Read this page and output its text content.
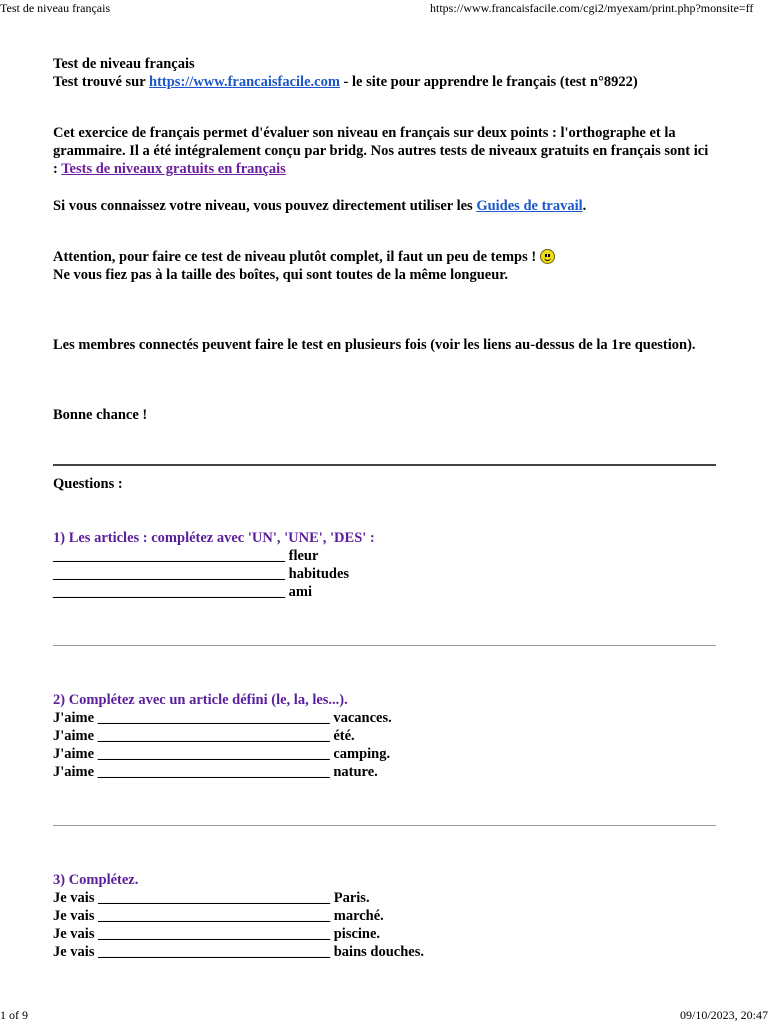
Test de niveau français	https://www.francaisfacile.com/cgi2/myexam/print.php?monsite=ff
Test de niveau français
Test trouvé sur https://www.francaisfacile.com - le site pour apprendre le français (test n°8922)
Cet exercice de français permet d'évaluer son niveau en français sur deux points : l'orthographe et la grammaire. Il a été intégralement conçu par bridg. Nos autres tests de niveaux gratuits en français sont ici : Tests de niveaux gratuits en français
Si vous connaissez votre niveau, vous pouvez directement utiliser les Guides de travail.
Attention, pour faire ce test de niveau plutôt complet, il faut un peu de temps !
Ne vous fiez pas à la taille des boîtes, qui sont toutes de la même longueur.
Les membres connectés peuvent faire le test en plusieurs fois (voir les liens au-dessus de la 1re question).
Bonne chance !
Questions :
1) Les articles : complétez avec 'UN', 'UNE', 'DES' :
________________________________ fleur
________________________________ habitudes
________________________________ ami
2) Complétez avec un article défini (le, la, les...).
J'aime ________________________________ vacances.
J'aime ________________________________ été.
J'aime ________________________________ camping.
J'aime ________________________________ nature.
3) Complétez.
Je vais ________________________________ Paris.
Je vais ________________________________ marché.
Je vais ________________________________ piscine.
Je vais ________________________________ bains douches.
1 of 9	09/10/2023, 20:47
